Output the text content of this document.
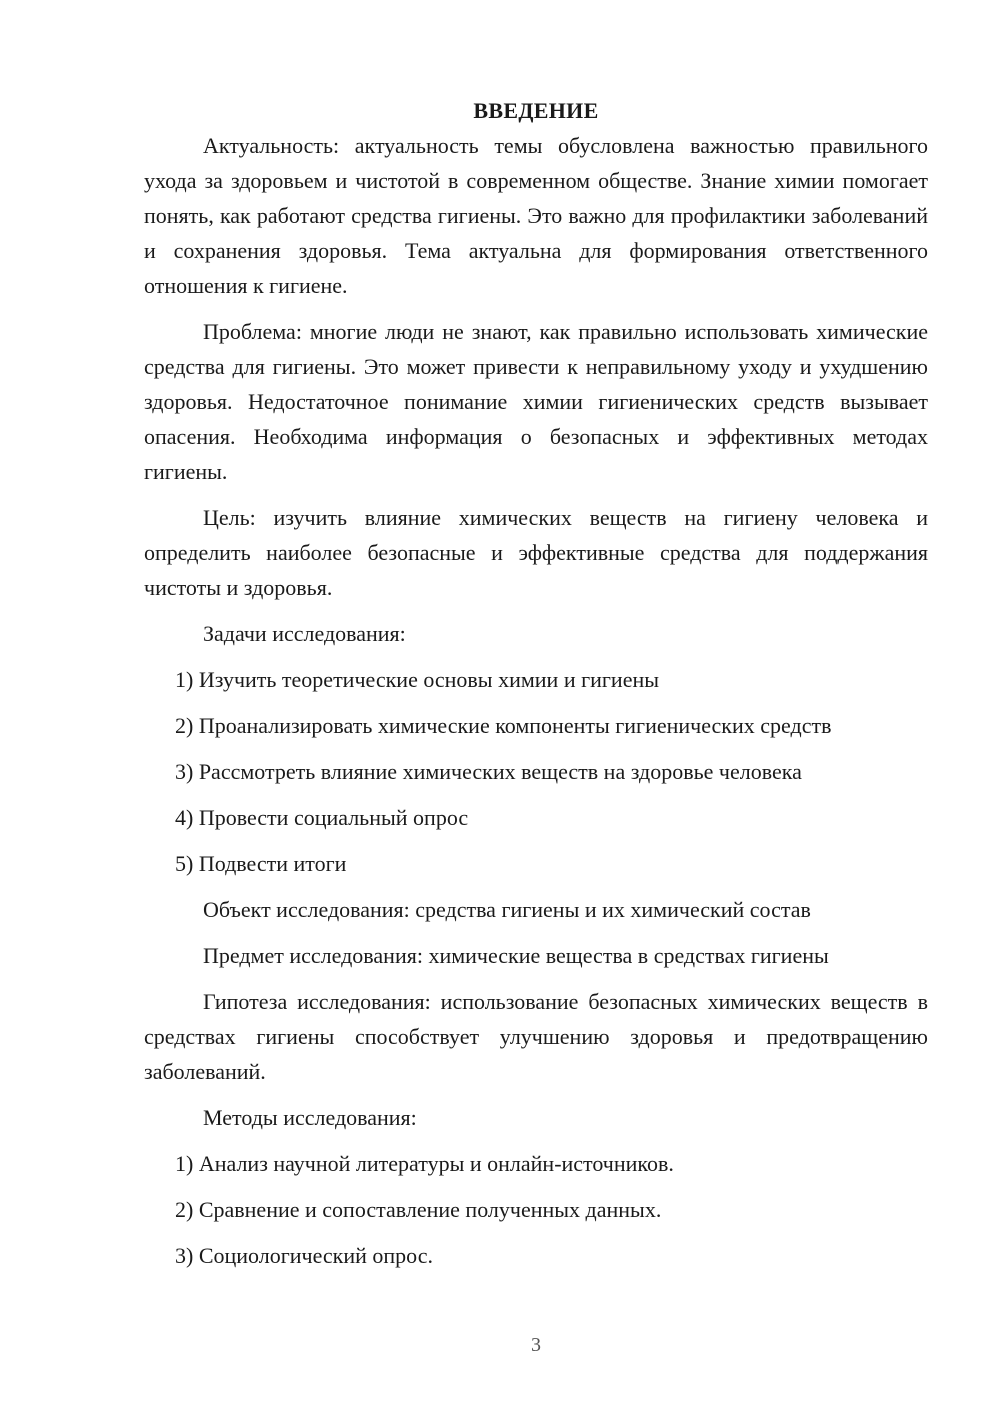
ВВЕДЕНИЕ

Актуальность: актуальность темы обусловлена важностью правильного ухода за здоровьем и чистотой в современном обществе. Знание химии помогает понять, как работают средства гигиены. Это важно для профилактики заболеваний и сохранения здоровья. Тема актуальна для формирования ответственного отношения к гигиене.

Проблема: многие люди не знают, как правильно использовать химические средства для гигиены. Это может привести к неправильному уходу и ухудшению здоровья. Недостаточное понимание химии гигиенических средств вызывает опасения. Необходима информация о безопасных и эффективных методах гигиены.

Цель: изучить влияние химических веществ на гигиену человека и определить наиболее безопасные и эффективные средства для поддержания чистоты и здоровья.

Задачи исследования:

1) Изучить теоретические основы химии и гигиены

2) Проанализировать химические компоненты гигиенических средств

3) Рассмотреть влияние химических веществ на здоровье человека

4) Провести социальный опрос

5) Подвести итоги

Объект исследования: средства гигиены и их химический состав

Предмет исследования: химические вещества в средствах гигиены

Гипотеза исследования: использование безопасных химических веществ в средствах гигиены способствует улучшению здоровья и предотвращению заболеваний.

Методы исследования:

1) Анализ научной литературы и онлайн-источников.

2) Сравнение и сопоставление полученных данных.

3) Социологический опрос.

3
